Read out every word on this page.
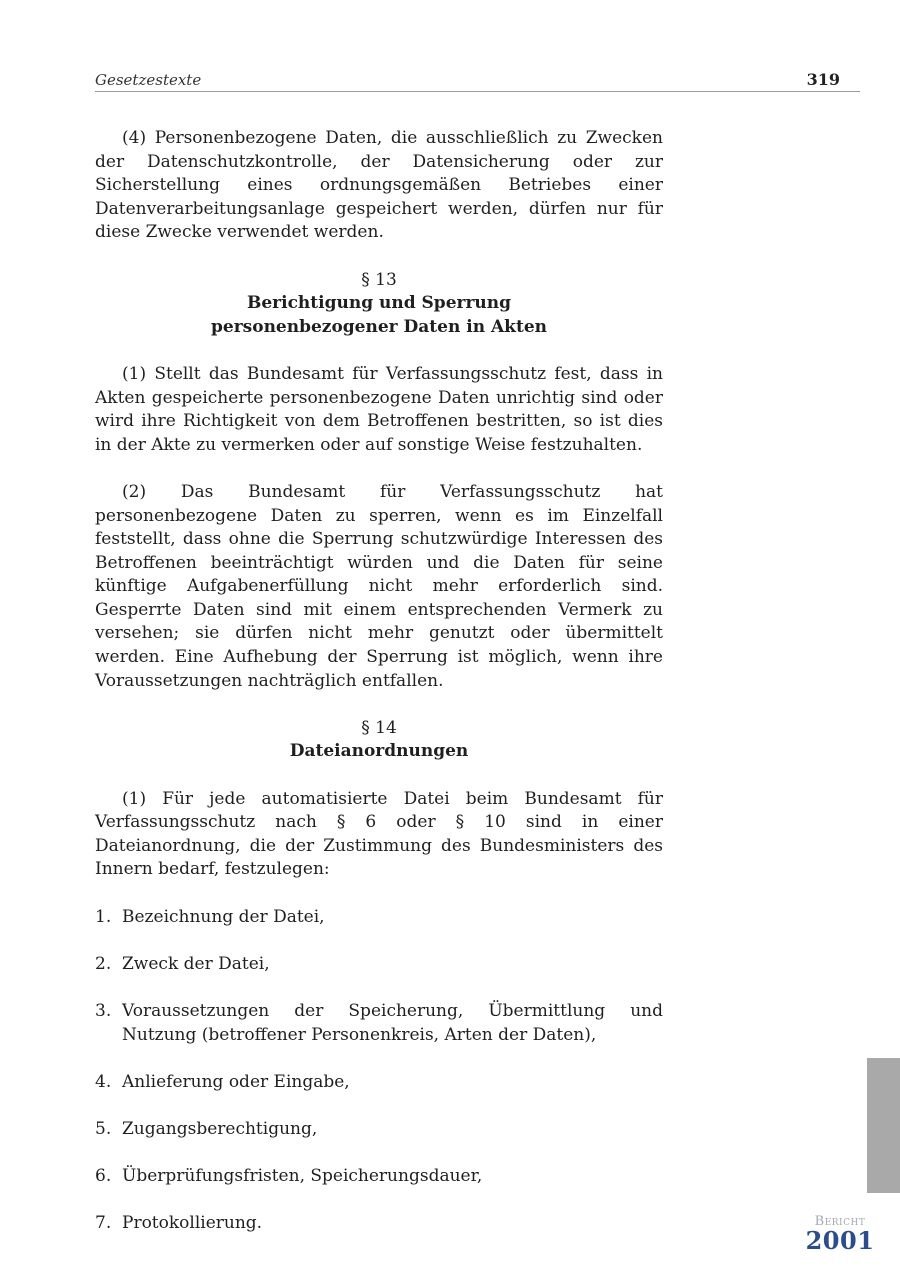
Gesetzestexte	319

(4) Personenbezogene Daten, die ausschließlich zu Zwecken der Datenschutzkontrolle, der Datensicherung oder zur Sicherstellung eines ordnungsgemäßen Betriebes einer Datenverarbeitungsanlage gespeichert werden, dürfen nur für diese Zwecke verwendet werden.

§ 13
Berichtigung und Sperrung
personenbezogener Daten in Akten

(1) Stellt das Bundesamt für Verfassungsschutz fest, dass in Akten gespeicherte personenbezogene Daten unrichtig sind oder wird ihre Richtigkeit von dem Betroffenen bestritten, so ist dies in der Akte zu vermerken oder auf sonstige Weise festzuhalten.

(2) Das Bundesamt für Verfassungsschutz hat personenbezogene Daten zu sperren, wenn es im Einzelfall feststellt, dass ohne die Sperrung schutzwürdige Interessen des Betroffenen beeinträchtigt würden und die Daten für seine künftige Aufgabenerfüllung nicht mehr erforderlich sind. Gesperrte Daten sind mit einem entsprechenden Vermerk zu versehen; sie dürfen nicht mehr genutzt oder übermittelt werden. Eine Aufhebung der Sperrung ist möglich, wenn ihre Voraussetzungen nachträglich entfallen.

§ 14
Dateianordnungen

(1) Für jede automatisierte Datei beim Bundesamt für Verfassungsschutz nach § 6 oder § 10 sind in einer Dateianordnung, die der Zustimmung des Bundesministers des Innern bedarf, festzulegen:

1. Bezeichnung der Datei,
2. Zweck der Datei,
3. Voraussetzungen der Speicherung, Übermittlung und Nutzung (betroffener Personenkreis, Arten der Daten),
4. Anlieferung oder Eingabe,
5. Zugangsberechtigung,
6. Überprüfungsfristen, Speicherungsdauer,
7. Protokollierung.	Bericht
2001
